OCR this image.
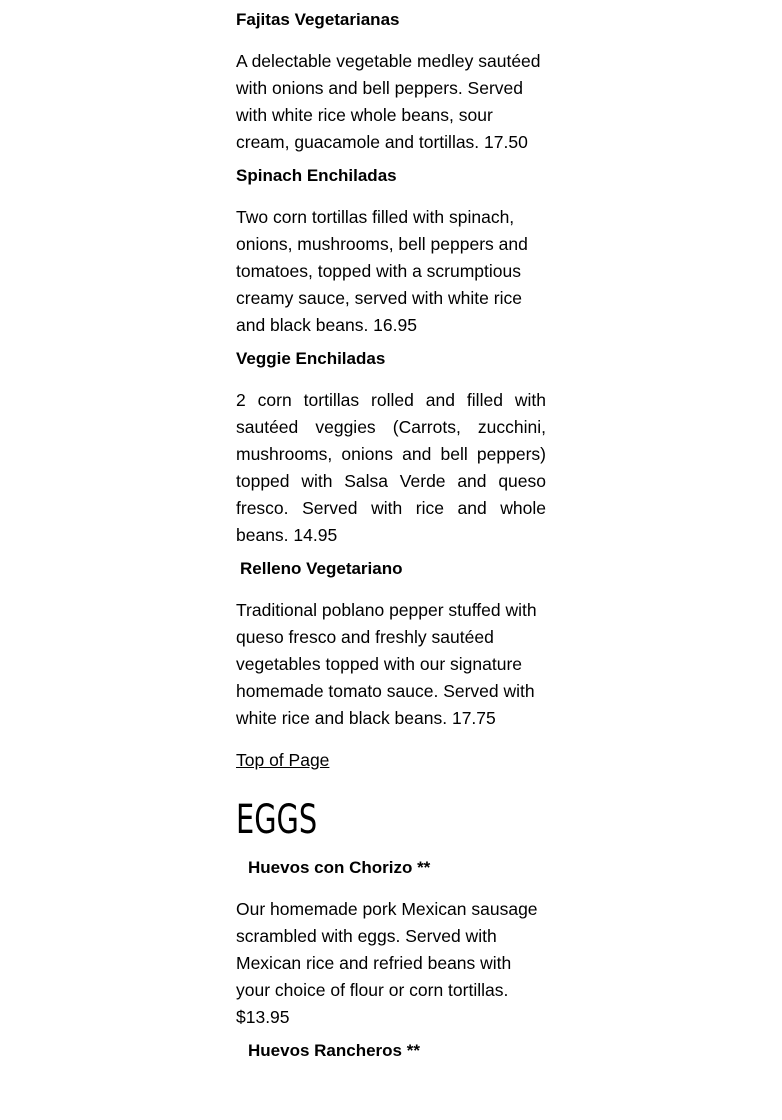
Fajitas Vegetarianas

A delectable vegetable medley sautéed with onions and bell peppers. Served with white rice whole beans, sour cream, guacamole and tortillas. 17.50

Spinach Enchiladas

Two corn tortillas filled with spinach, onions, mushrooms, bell peppers and tomatoes, topped with a scrumptious creamy sauce, served with white rice and black beans. 16.95

Veggie Enchiladas

2 corn tortillas rolled and filled with sautéed veggies (Carrots, zucchini, mushrooms, onions and bell peppers) topped with Salsa Verde and queso fresco. Served with rice and whole beans. 14.95

Relleno Vegetariano

Traditional poblano pepper stuffed with queso fresco and freshly sautéed vegetables topped with our signature homemade tomato sauce. Served with white rice and black beans. 17.75

Top of Page
EGGS
Huevos con Chorizo **

Our homemade pork Mexican sausage scrambled with eggs. Served with Mexican rice and refried beans with your choice of flour or corn tortillas. $13.95

Huevos Rancheros **
